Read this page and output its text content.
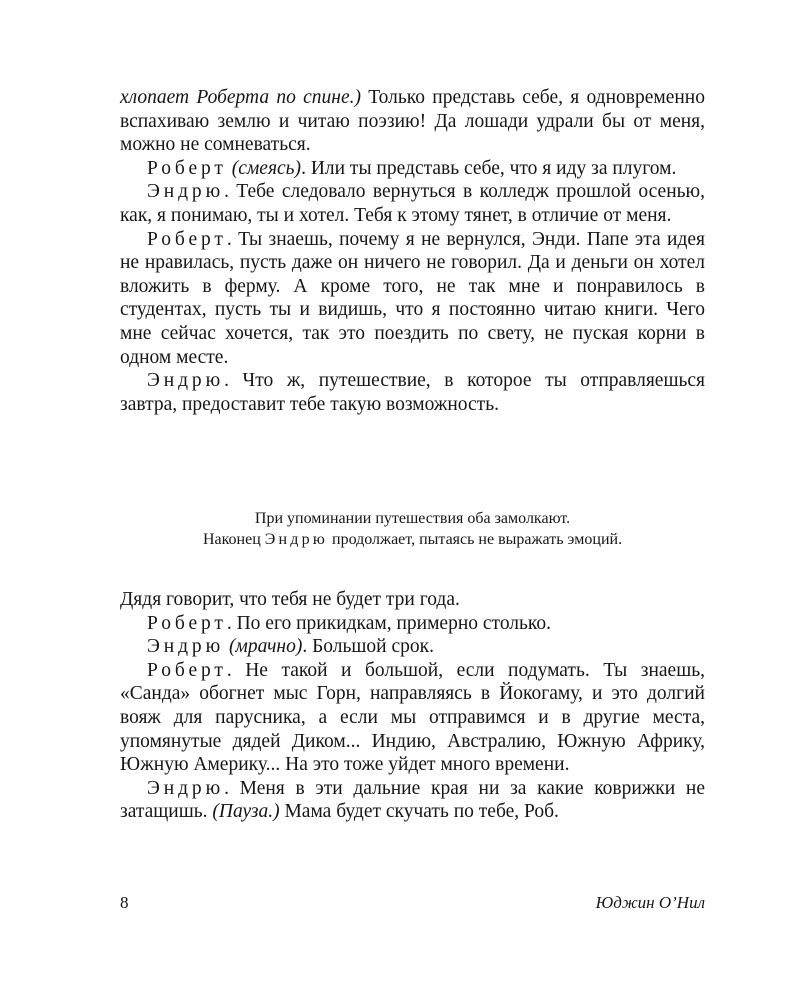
хлопает Роберта по спине.) Только представь себе, я одновременно вспахиваю землю и читаю поэзию! Да лошади удрали бы от меня, можно не сомневаться.

Роберт (смеясь). Или ты представь себе, что я иду за плугом.

Эндрю. Тебе следовало вернуться в колледж прошлой осенью, как, я понимаю, ты и хотел. Тебя к этому тянет, в отличие от меня.

Роберт. Ты знаешь, почему я не вернулся, Энди. Папе эта идея не нравилась, пусть даже он ничего не говорил. Да и деньги он хотел вложить в ферму. А кроме того, не так мне и понравилось в студентах, пусть ты и видишь, что я постоянно читаю книги. Чего мне сейчас хочется, так это поездить по свету, не пуская корни в одном месте.

Эндрю. Что ж, путешествие, в которое ты отправляешься завтра, предоставит тебе такую возможность.

При упоминании путешествия оба замолкают.
Наконец Эндрю продолжает, пытаясь не выражать эмоций.

Дядя говорит, что тебя не будет три года.

Роберт. По его прикидкам, примерно столько.

Эндрю (мрачно). Большой срок.

Роберт. Не такой и большой, если подумать. Ты знаешь, «Санда» обогнет мыс Горн, направляясь в Йокогаму, и это долгий вояж для парусника, а если мы отправимся и в другие места, упомянутые дядей Диком... Индию, Австралию, Южную Африку, Южную Америку... На это тоже уйдет много времени.

Эндрю. Меня в эти дальние края ни за какие коврижки не затащишь. (Пауза.) Мама будет скучать по тебе, Роб.

8	Юджин О’Нил
